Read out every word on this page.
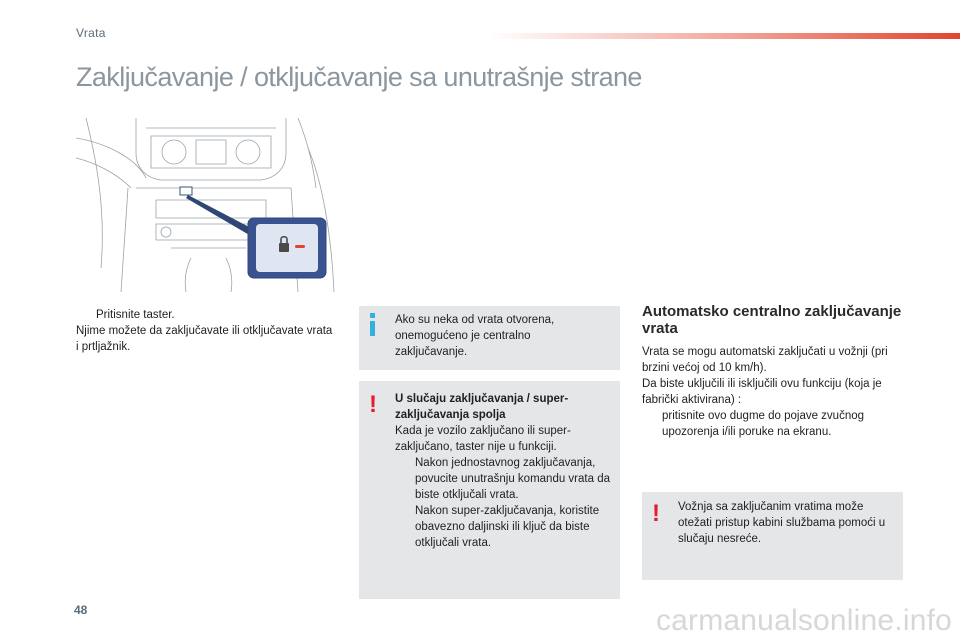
Vrata
Zaključavanje / otključavanje sa unutrašnje strane
Pritisnite taster.
Njime možete da zaključavate ili otključavate vrata i prtljažnik.
Ako su neka od vrata otvorena, onemogućeno je centralno zaključavanje.
!	U slučaju zaključavanja / super-zaključavanja spolja
Kada je vozilo zaključano ili super-zaključano, taster nije u funkciji.
Nakon jednostavnog zaključavanja, povucite unutrašnju komandu vrata da biste otključali vrata.
Nakon super-zaključavanja, koristite obavezno daljinski ili ključ da biste otključali vrata.
Automatsko centralno zaključavanje vrata
Vrata se mogu automatski zaključati u vožnji (pri brzini većoj od 10 km/h).
Da biste uključili ili isključili ovu funkciju (koja je fabrički aktivirana) :
pritisnite ovo dugme do pojave zvučnog upozorenja i/ili poruke na ekranu.
!	Vožnja sa zaključanim vratima može otežati pristup kabini službama pomoći u slučaju nesreće.
48	carmanualsonline.info
